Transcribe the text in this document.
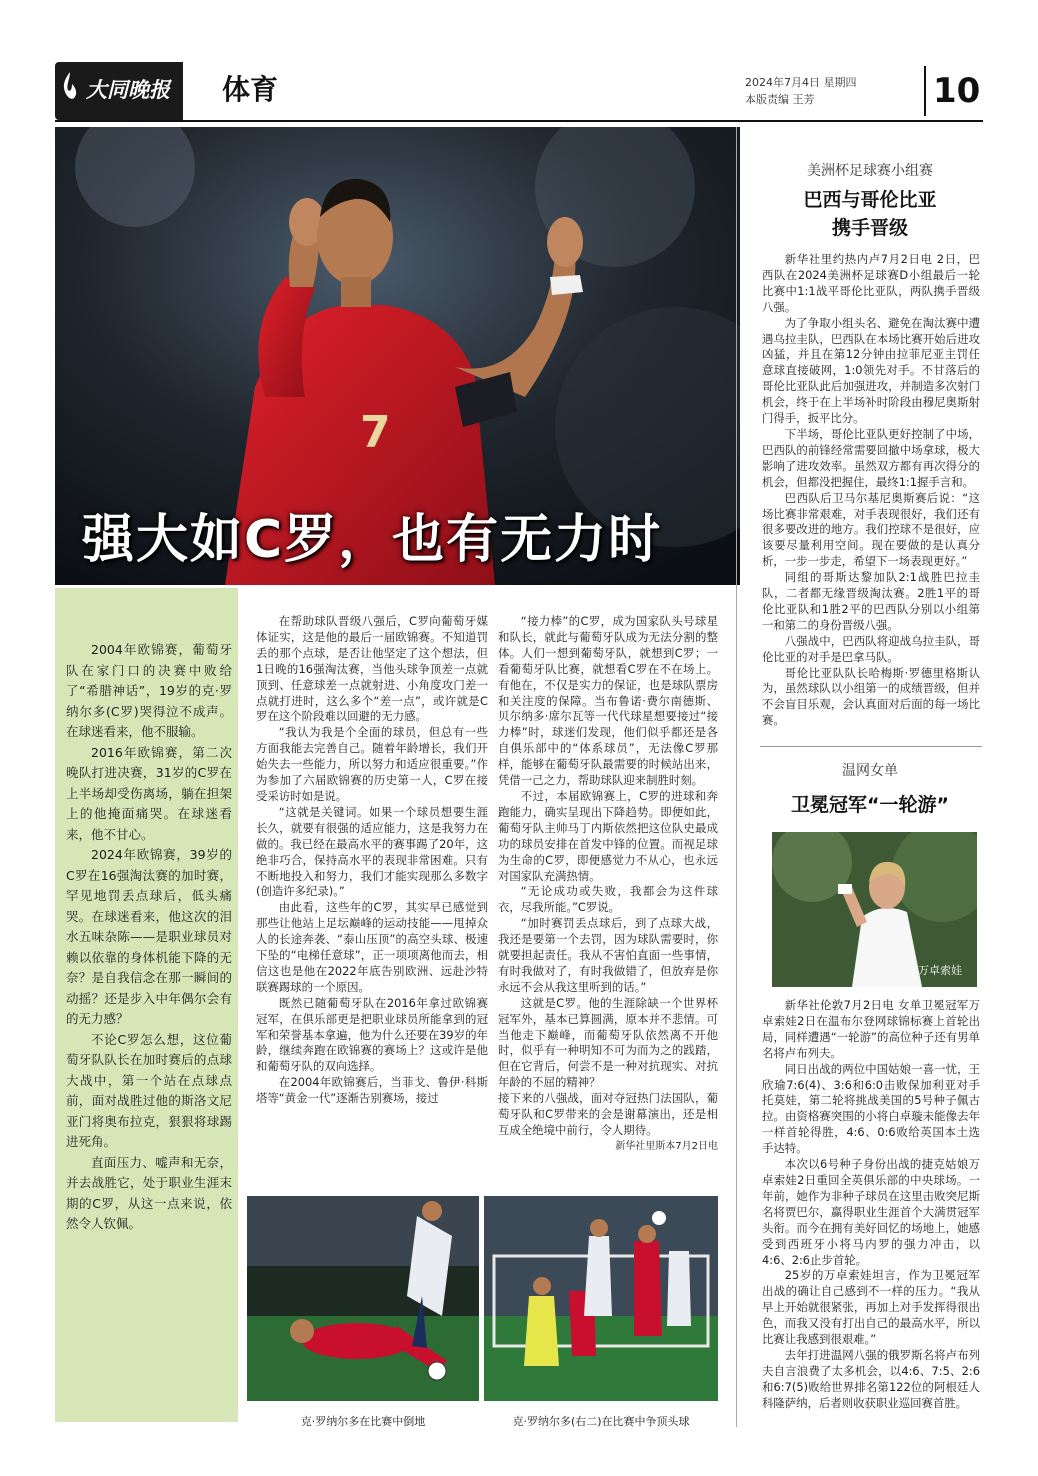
大同晚报	体育	2024年7月4日 星期四
本版责编 王芳	10
7
强大如C罗，也有无力时

2004年欧锦赛，葡萄牙队在家门口的决赛中败给了“希腊神话”，19岁的克·罗纳尔多(C罗)哭得泣不成声。在球迷看来，他不服输。

2016年欧锦赛，第二次晚队打进决赛，31岁的C罗在上半场却受伤离场，躺在担架上的他掩面痛哭。在球迷看来，他不甘心。

2024年欧锦赛，39岁的C罗在16强淘汰赛的加时赛，罕见地罚丢点球后，低头痛哭。在球迷看来，他这次的泪水五味杂陈——是职业球员对赖以依靠的身体机能下降的无奈？是自我信念在那一瞬间的动摇？还是步入中年偶尔会有的无力感？

不论C罗怎么想，这位葡萄牙队队长在加时赛后的点球大战中，第一个站在点球点前，面对战胜过他的斯洛文尼亚门将奥布拉克，狠狠将球踢进死角。

直面压力、嘘声和无奈，并去战胜它，处于职业生涯末期的C罗，从这一点来说，依然令人钦佩。

在帮助球队晋级八强后，C罗向葡萄牙媒体证实，这是他的最后一届欧锦赛。不知道罚丢的那个点球，是否让他坚定了这个想法，但1日晚的16强淘汰赛，当他头球争顶差一点就顶到、任意球差一点就射进、小角度攻门差一点就打进时，这么多个“差一点”，或许就是C罗在这个阶段难以回避的无力感。

“我认为我是个全面的球员，但总有一些方面我能去完善自己。随着年龄增长，我们开始失去一些能力，所以努力和适应很重要。”作为参加了六届欧锦赛的历史第一人，C罗在接受采访时如是说。

“这就是关键词。如果一个球员想要生涯长久，就要有很强的适应能力，这是我努力在做的。我已经在最高水平的赛事踢了20年，这绝非巧合，保持高水平的表现非常困难。只有不断地投入和努力，我们才能实现那么多数字(创造许多纪录)。”

由此看，这些年的C罗，其实早已感觉到那些让他站上足坛巅峰的运动技能——甩掉众人的长途奔袭、“泰山压顶”的高空头球、极速下坠的“电梯任意球”，正一项项离他而去，相信这也是他在2022年底告别欧洲、远赴沙特联赛踢球的一个原因。

既然已随葡萄牙队在2016年拿过欧锦赛冠军，在俱乐部更是把职业球员所能拿到的冠军和荣誉基本拿遍，他为什么还要在39岁的年龄，继续奔跑在欧锦赛的赛场上？这或许是他和葡萄牙队的双向选择。

在2004年欧锦赛后，当菲戈、鲁伊·科斯塔等“黄金一代”逐渐告别赛场，接过

“接力棒”的C罗，成为国家队头号球星和队长，就此与葡萄牙队成为无法分割的整体。人们一想到葡萄牙队，就想到C罗；一看葡萄牙队比赛，就想看C罗在不在场上。有他在，不仅是实力的保证，也是球队票房和关注度的保障。当布鲁诺·费尔南德斯、贝尔纳多·席尔瓦等一代代球星想要接过“接力棒”时，球迷们发现，他们似乎都还是各自俱乐部中的“体系球员”，无法像C罗那样，能够在葡萄牙队最需要的时候站出来，凭借一己之力，帮助球队迎来制胜时刻。

不过，本届欧锦赛上，C罗的进球和奔跑能力，确实呈现出下降趋势。即便如此，葡萄牙队主帅马丁内斯依然把这位队史最成功的球员安排在首发中锋的位置。而视足球为生命的C罗，即便感觉力不从心，也永远对国家队充满热情。

“无论成功或失败，我都会为这件球衣，尽我所能。”C罗说。

“加时赛罚丢点球后，到了点球大战，我还是要第一个去罚，因为球队需要时，你就要担起责任。我从不害怕直面一些事情，有时我做对了，有时我做错了，但放弃是你永远不会从我这里听到的话。”

这就是C罗。他的生涯除缺一个世界杯冠军外，基本已算圆满，原本并不悲情。可当他走下巅峰，而葡萄牙队依然离不开他时，似乎有一种明知不可为而为之的践踏，但在它背后，何尝不是一种对抗现实、对抗年龄的不屈的精神？

接下来的八强战，面对夺冠热门法国队，葡萄牙队和C罗带来的会是谢幕演出，还是相互成全绝境中前行，令人期待。

新华社里斯本7月2日电
克·罗纳尔多在比赛中倒地	克·罗纳尔多(右二)在比赛中争顶头球
美洲杯足球赛小组赛
巴西与哥伦比亚
携手晋级

新华社里约热内卢7月2日电 2日，巴西队在2024美洲杯足球赛D小组最后一轮比赛中1:1战平哥伦比亚队，两队携手晋级八强。

为了争取小组头名、避免在淘汰赛中遭遇乌拉圭队，巴西队在本场比赛开始后进攻凶猛，并且在第12分钟由拉菲尼亚主罚任意球直接破网，1:0领先对手。不甘落后的哥伦比亚队此后加强进攻，并制造多次射门机会，终于在上半场补时阶段由穆尼奥斯射门得手，扳平比分。

下半场，哥伦比亚队更好控制了中场，巴西队的前锋经常需要回撤中场拿球，极大影响了进攻效率。虽然双方都有再次得分的机会，但都没把握住，最终1:1握手言和。

巴西队后卫马尔基尼奥斯赛后说：“这场比赛非常艰难，对手表现很好，我们还有很多要改进的地方。我们控球不是很好，应该要尽量利用空间。现在要做的是认真分析，一步一步走，希望下一场表现更好。”

同组的哥斯达黎加队2:1战胜巴拉圭队，二者都无缘晋级淘汰赛。2胜1平的哥伦比亚队和1胜2平的巴西队分别以小组第一和第二的身份晋级八强。

八强战中，巴西队将迎战乌拉圭队，哥伦比亚的对手是巴拿马队。

哥伦比亚队队长哈梅斯·罗德里格斯认为，虽然球队以小组第一的成绩晋级，但并不会盲目乐观，会认真面对后面的每一场比赛。

温网女单
卫冕冠军“一轮游”
万卓索娃

新华社伦敦7月2日电 女单卫冕冠军万卓索娃2日在温布尔登网球锦标赛上首轮出局，同样遭遇“一轮游”的高位种子还有男单名将卢布列夫。

同日出战的两位中国姑娘一喜一忧，王欣瑜7:6(4)、3:6和6:0击败保加利亚对手托莫娃，第二轮将挑战美国的5号种子佩古拉。由资格赛突围的小将白卓璇未能像去年一样首轮得胜，4:6、0:6败给英国本土选手达特。

本次以6号种子身份出战的捷克姑娘万卓索娃2日重回全英俱乐部的中央球场。一年前，她作为非种子球员在这里击败突尼斯名将贾巴尔，赢得职业生涯首个大满贯冠军头衔。而今在拥有美好回忆的场地上，她感受到西班牙小将马内罗的强力冲击，以4:6、2:6止步首轮。

25岁的万卓索娃坦言，作为卫冕冠军出战的确让自己感到不一样的压力。“我从早上开始就很紧张，再加上对手发挥得很出色，而我又没有打出自己的最高水平，所以比赛让我感到很艰难。”

去年打进温网八强的俄罗斯名将卢布列夫自言浪费了太多机会，以4:6、7:5、2:6和6:7(5)败给世界排名第122位的阿根廷人科隆萨纳，后者则收获职业巡回赛首胜。
